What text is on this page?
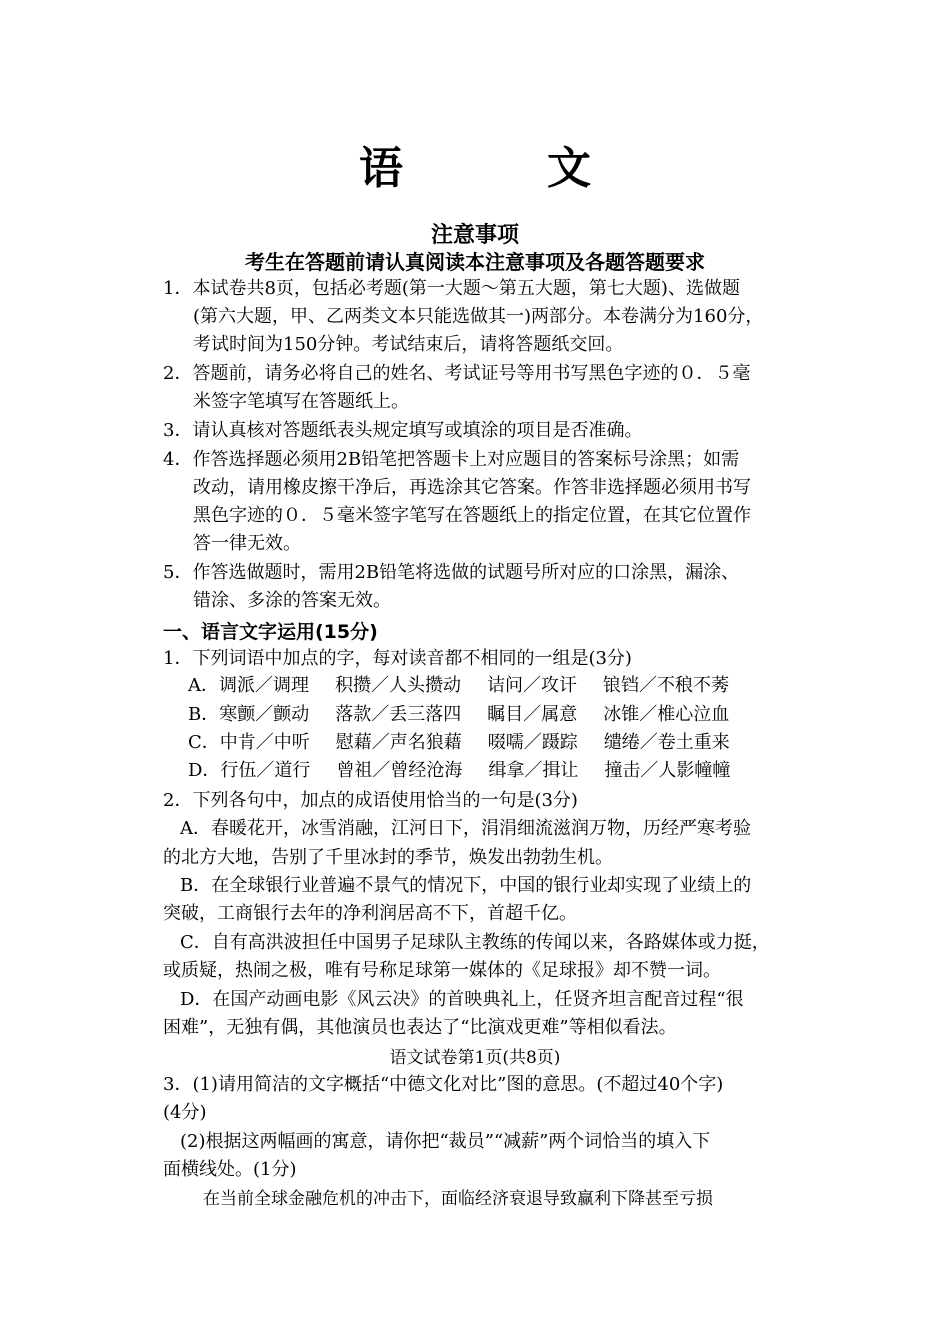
语　文
注意事项
考生在答题前请认真阅读本注意事项及各题答题要求
1．本试卷共8页，包括必考题(第一大题～第五大题，第七大题)、选做题
(第六大题，甲、乙两类文本只能选做其一)两部分。本卷满分为160分，
考试时间为150分钟。考试结束后，请将答题纸交回。
2．答题前，请务必将自己的姓名、考试证号等用书写黑色字迹的０．５毫
米签字笔填写在答题纸上。
3．请认真核对答题纸表头规定填写或填涂的项目是否准确。
4．作答选择题必须用2B铅笔把答题卡上对应题目的答案标号涂黑；如需
改动，请用橡皮擦干净后，再选涂其它答案。作答非选择题必须用书写
黑色字迹的０．５毫米签字笔写在答题纸上的指定位置，在其它位置作
答一律无效。
5．作答选做题时，需用2B铅笔将选做的试题号所对应的口涂黑，漏涂、
错涂、多涂的答案无效。
一、语言文字运用(15分)
1．下列词语中加点的字，每对读音都不相同的一组是(3分)
A．调派／调理 积攒／人头攒动 诘问／攻讦 锒铛／不稂不莠
B．寒颤／颤动 落款／丢三落四 瞩目／属意 冰锥／椎心泣血
C．中肯／中听 慰藉／声名狼藉 啜嚅／蹑踪 缱绻／卷土重来
D．行伍／道行 曾祖／曾经沧海 缉拿／揖让 撞击／人影幢幢
2．下列各句中，加点的成语使用恰当的一句是(3分)
A．春暖花开，冰雪消融，江河日下，涓涓细流滋润万物，历经严寒考验
的北方大地，告别了千里冰封的季节，焕发出勃勃生机。
B．在全球银行业普遍不景气的情况下，中国的银行业却实现了业绩上的
突破，工商银行去年的净利润居高不下，首超千亿。
C．自有高洪波担任中国男子足球队主教练的传闻以来，各路媒体或力挺，
或质疑，热闹之极，唯有号称足球第一媒体的《足球报》却不赞一词。
D．在国产动画电影《风云决》的首映典礼上，任贤齐坦言配音过程“很
困难”，无独有偶，其他演员也表达了“比演戏更难”等相似看法。
语文试卷第1页(共8页)
3．(1)请用简洁的文字概括“中德文化对比”图的意思。(不超过40个字)
(4分)
(2)根据这两幅画的寓意，请你把“裁员”“减薪”两个词恰当的填入下
面横线处。(1分)
在当前全球金融危机的冲击下，面临经济衰退导致赢利下降甚至亏损
